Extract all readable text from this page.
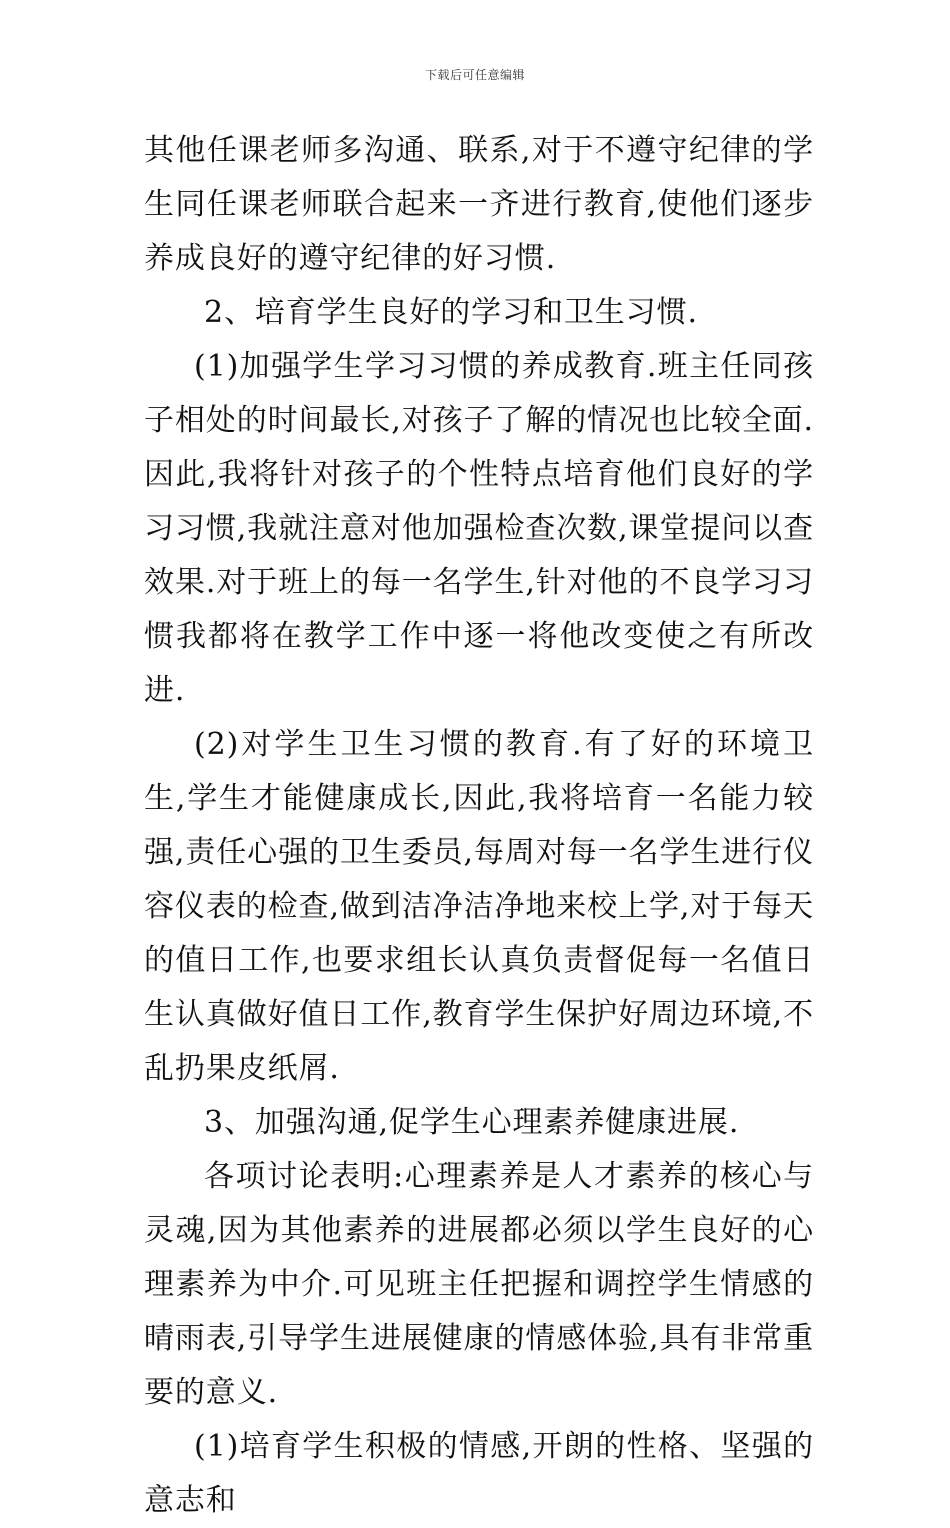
下载后可任意编辑

其他任课老师多沟通、联系,对于不遵守纪律的学生同任课老师联合起来一齐进行教育,使他们逐步养成良好的遵守纪律的好习惯.

2、培育学生良好的学习和卫生习惯.

(1)加强学生学习习惯的养成教育.班主任同孩子相处的时间最长,对孩子了解的情况也比较全面.因此,我将针对孩子的个性特点培育他们良好的学习习惯,我就注意对他加强检查次数,课堂提问以查效果.对于班上的每一名学生,针对他的不良学习习惯我都将在教学工作中逐一将他改变使之有所改进.

(2)对学生卫生习惯的教育.有了好的环境卫生,学生才能健康成长,因此,我将培育一名能力较强,责任心强的卫生委员,每周对每一名学生进行仪容仪表的检查,做到洁净洁净地来校上学,对于每天的值日工作,也要求组长认真负责督促每一名值日生认真做好值日工作,教育学生保护好周边环境,不乱扔果皮纸屑.

3、加强沟通,促学生心理素养健康进展.

各项讨论表明:心理素养是人才素养的核心与灵魂,因为其他素养的进展都必须以学生良好的心理素养为中介.可见班主任把握和调控学生情感的晴雨表,引导学生进展健康的情感体验,具有非常重要的意义.

(1)培育学生积极的情感,开朗的性格、坚强的意志和
